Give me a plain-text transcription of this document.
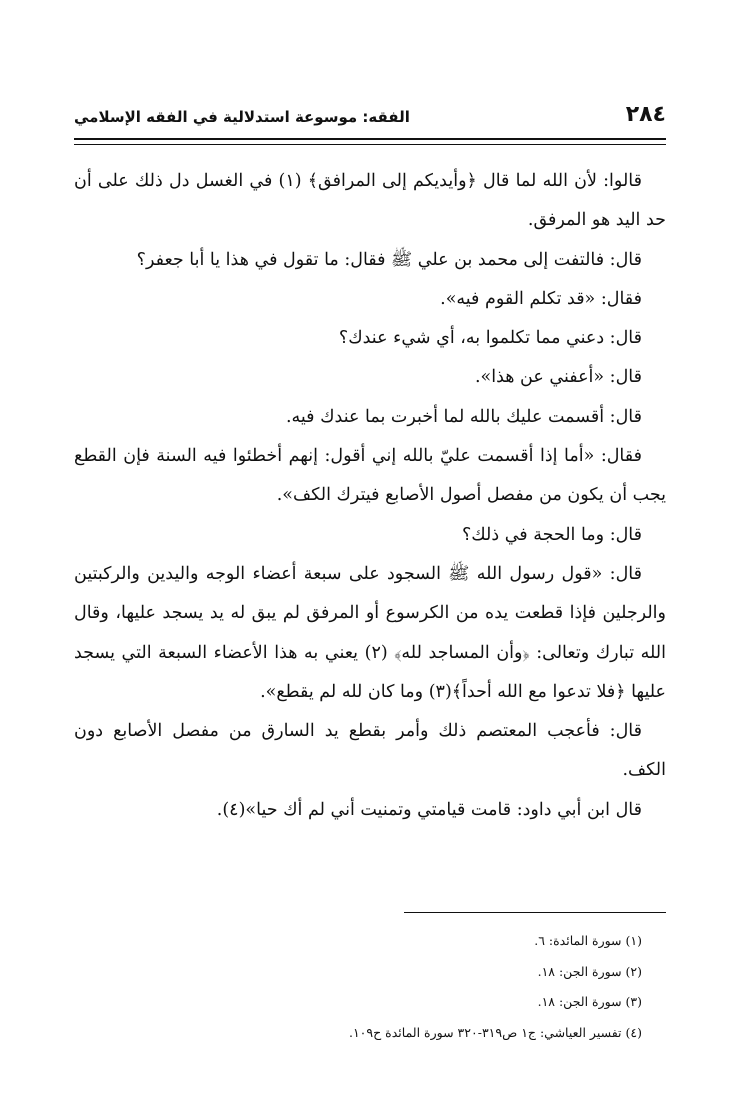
٢٨٤
الفقه: موسوعة استدلالية في الفقه الإسلامي

قالوا: لأن الله لما قال ﴿وأيديكم إلى المرافق﴾ (١) في الغسل دل ذلك على أن حد اليد هو المرفق.

قال: فالتفت إلى محمد بن علي ﷺ فقال: ما تقول في هذا يا أبا جعفر؟

فقال: «قد تكلم القوم فيه».

قال: دعني مما تكلموا به، أي شيء عندك؟

قال: «أعفني عن هذا».

قال: أقسمت عليك بالله لما أخبرت بما عندك فيه.

فقال: «أما إذا أقسمت عليّ بالله إني أقول: إنهم أخطئوا فيه السنة فإن القطع يجب أن يكون من مفصل أصول الأصابع فيترك الكف».

قال: وما الحجة في ذلك؟

قال: «قول رسول الله ﷺ السجود على سبعة أعضاء الوجه واليدين والركبتين والرجلين فإذا قطعت يده من الكرسوع أو المرفق لم يبق له يد يسجد عليها، وقال الله تبارك وتعالى: ﴿وأن المساجد لله﴾ (٢) يعني به هذا الأعضاء السبعة التي يسجد عليها ﴿فلا تدعوا مع الله أحداً﴾(٣) وما كان لله لم يقطع».

قال: فأعجب المعتصم ذلك وأمر بقطع يد السارق من مفصل الأصابع دون الكف.

قال ابن أبي داود: قامت قيامتي وتمنيت أني لم أك حيا»(٤).

(١) سورة المائدة: ٦.

(٢) سورة الجن: ١٨.

(٣) سورة الجن: ١٨.

(٤) تفسير العياشي: ج١ ص٣١٩-٣٢٠ سورة المائدة ح١٠٩.
